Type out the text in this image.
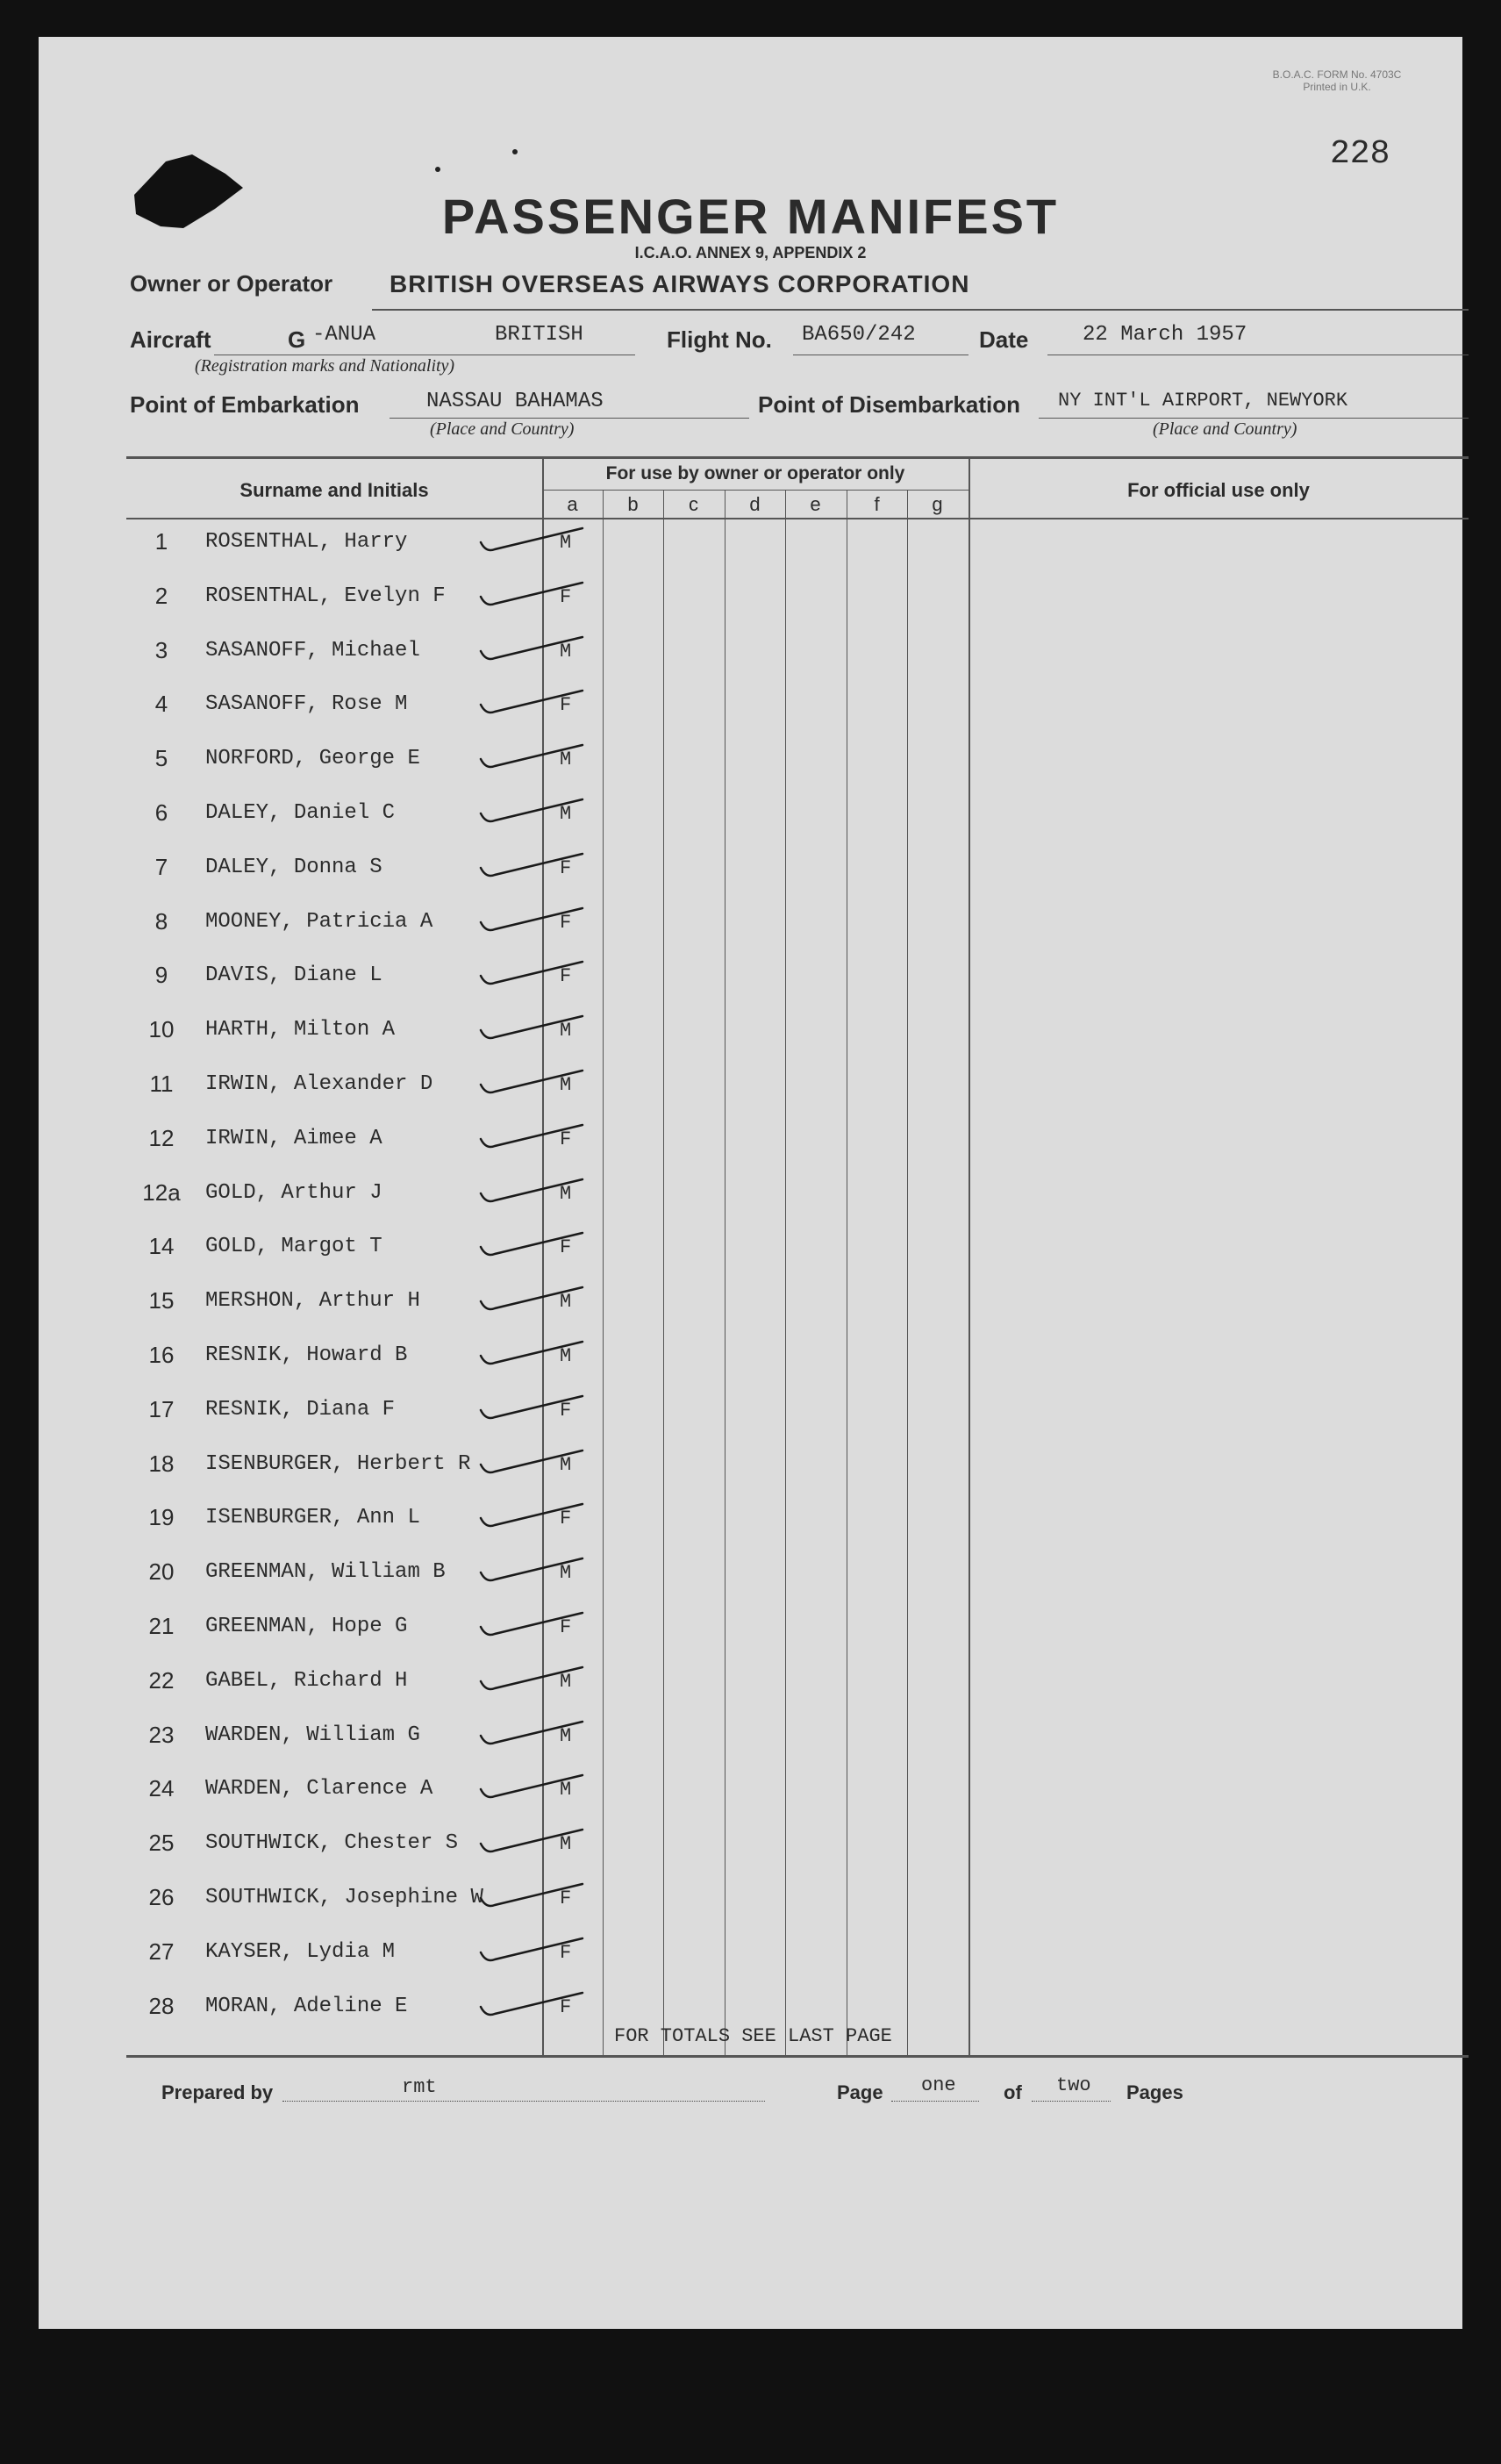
B.O.A.C. FORM No. 4703C
Printed in U.K.
228
PASSENGER MANIFEST
I.C.A.O. ANNEX 9, APPENDIX 2
Owner or Operator BRITISH OVERSEAS AIRWAYS CORPORATION
Aircraft	G -ANUA	BRITISH
(Registration marks and Nationality)
Flight No. BA650/242	Date	22 March 1957
Point of Embarkation	NASSAU BAHAMAS
(Place and Country)
Point of Disembarkation NY INT'L AIRPORT, NEWYORK
(Place and Country)
Surname and Initials
For use by owner or operator only
For official use only
a	b	c	d	e	f	g
1	ROSENTHAL, Harry	M
2	ROSENTHAL, Evelyn F	F
3	SASANOFF, Michael	M
4	SASANOFF, Rose M	F
5	NORFORD, George E	M
6	DALEY, Daniel C	M
7	DALEY, Donna S	F
8	MOONEY, Patricia A	F
9	DAVIS, Diane L	F
10	HARTH, Milton A	M
11	IRWIN, Alexander D	M
12	IRWIN, Aimee A	F
12a	GOLD, Arthur J	M
14	GOLD, Margot T	F
15	MERSHON, Arthur H	M
16	RESNIK, Howard B	M
17	RESNIK, Diana F	F
18	ISENBURGER, Herbert R	M
19	ISENBURGER, Ann L	F
20	GREENMAN, William B	M
21	GREENMAN, Hope G	F
22	GABEL, Richard H	M
23	WARDEN, William G	M
24	WARDEN, Clarence A	M
25	SOUTHWICK, Chester S	M
26	SOUTHWICK, Josephine W	F
27	KAYSER, Lydia M	F
28	MORAN, Adeline E	F
FOR TOTALS SEE LAST PAGE
Prepared by	rmt	Page one of two Pages
